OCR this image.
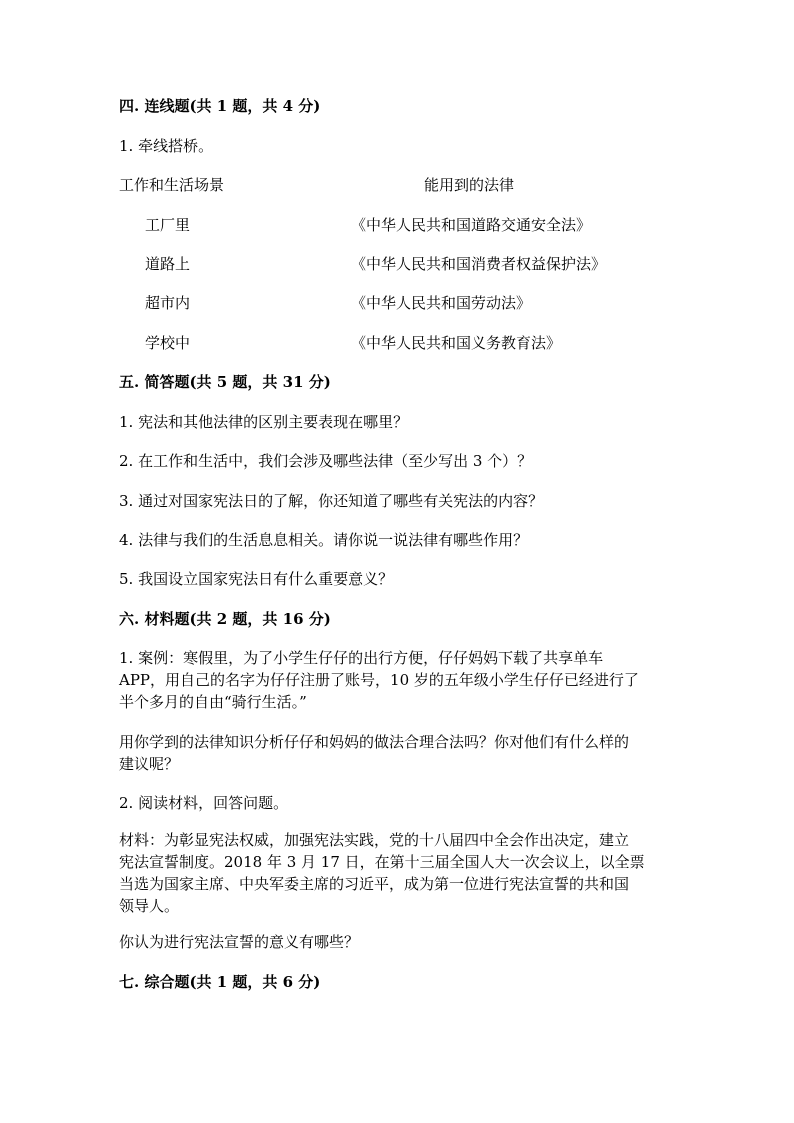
四. 连线题(共 1 题，共 4 分)
1. 牵线搭桥。
工作和生活场景	能用到的法律
工厂里	《中华人民共和国道路交通安全法》
道路上	《中华人民共和国消费者权益保护法》
超市内	《中华人民共和国劳动法》
学校中	《中华人民共和国义务教育法》
五. 简答题(共 5 题，共 31 分)
1. 宪法和其他法律的区别主要表现在哪里？
2. 在工作和生活中，我们会涉及哪些法律（至少写出 3 个）？
3. 通过对国家宪法日的了解，你还知道了哪些有关宪法的内容？
4. 法律与我们的生活息息相关。请你说一说法律有哪些作用？
5. 我国设立国家宪法日有什么重要意义？
六. 材料题(共 2 题，共 16 分)
1. 案例：寒假里，为了小学生仔仔的出行方便，仔仔妈妈下载了共享单车
APP，用自己的名字为仔仔注册了账号，10 岁的五年级小学生仔仔已经进行了
半个多月的自由“骑行生活。”
用你学到的法律知识分析仔仔和妈妈的做法合理合法吗？你对他们有什么样的
建议呢？
2. 阅读材料，回答问题。
材料：为彰显宪法权威，加强宪法实践，党的十八届四中全会作出决定，建立
宪法宣誓制度。2018 年 3 月 17 日，在第十三届全国人大一次会议上，以全票
当选为国家主席、中央军委主席的习近平，成为第一位进行宪法宣誓的共和国
领导人。
你认为进行宪法宣誓的意义有哪些？
七. 综合题(共 1 题，共 6 分)
